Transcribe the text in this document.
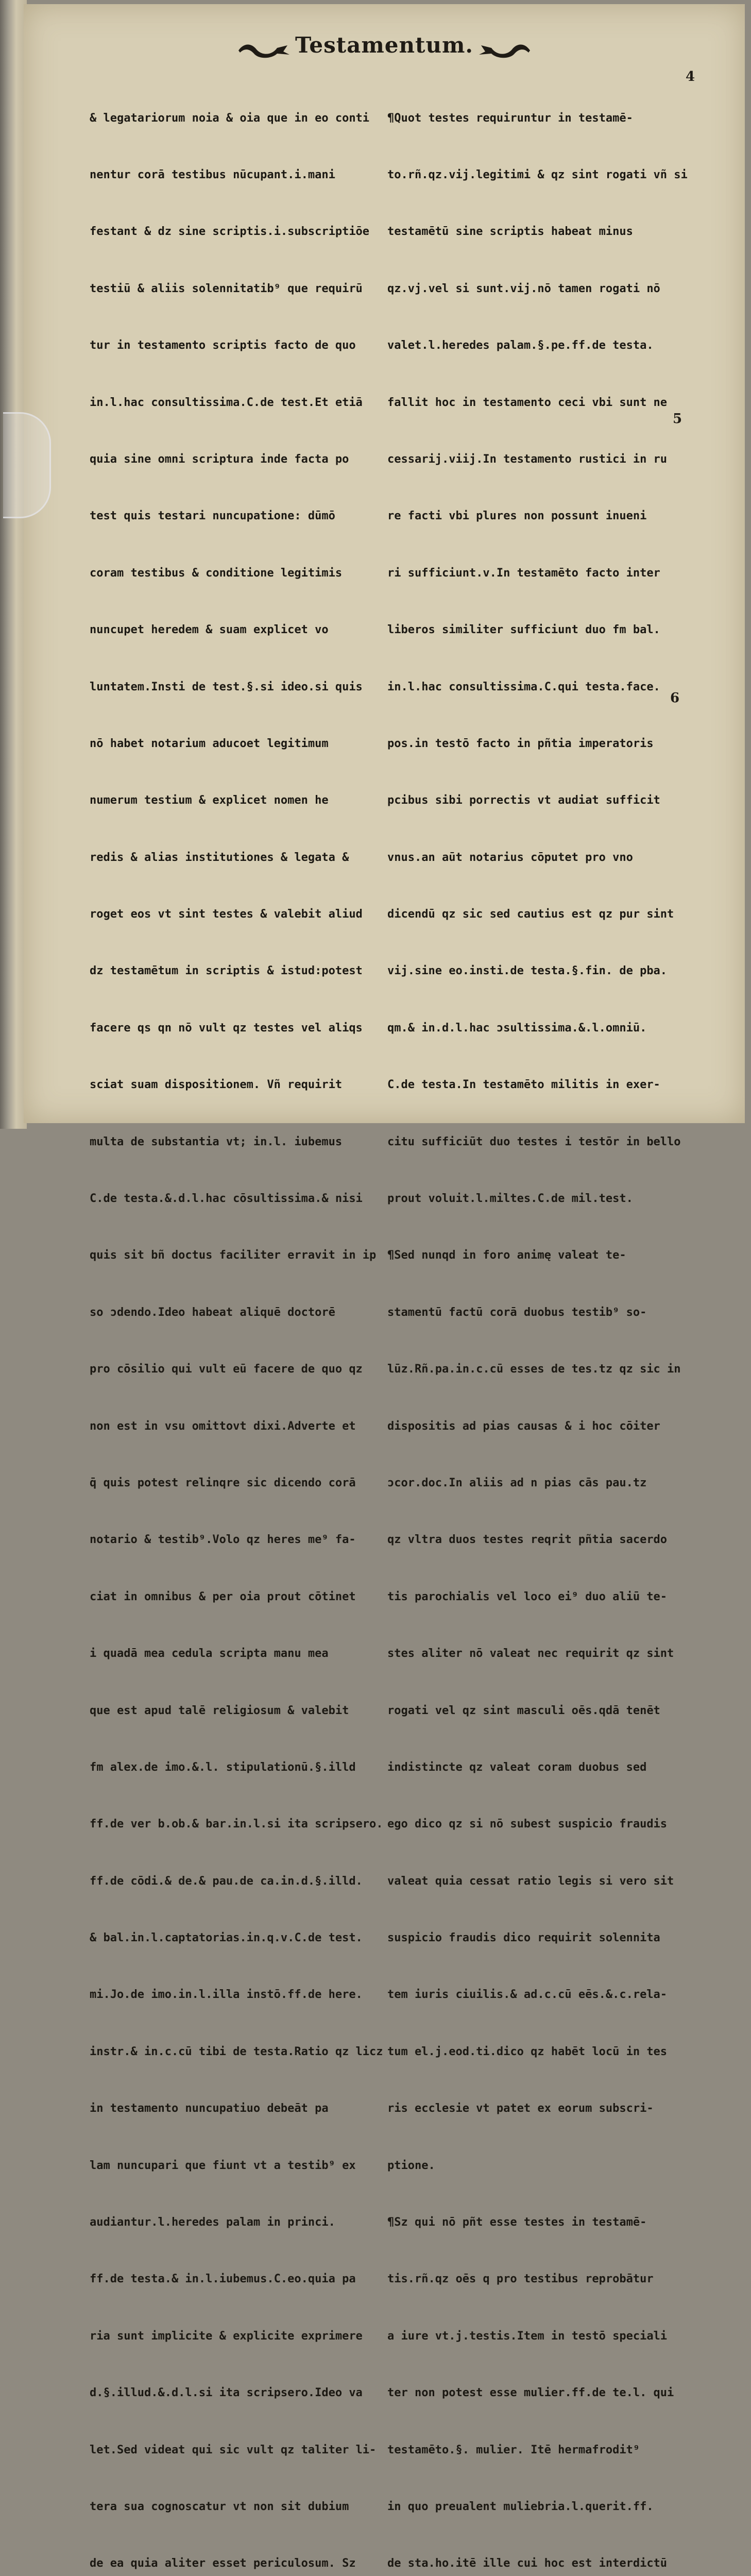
Testamentum.

& legatariorum noia & oia que in eo conti

nentur corā testibus nūcupant.i.mani

festant & dz sine scriptis.i.subscriptiōe

testiū & aliis solennitatib⁹ que requirū

tur in testamento scriptis facto de quo

in.l.hac consultissima.C.de test.Et etiā

quia sine omni scriptura inde facta po

test quis testari nuncupatione: dūmō

coram testibus & conditione legitimis

nuncupet heredem & suam explicet vo

luntatem.Insti de test.§.si ideo.si quis

nō habet notarium aducoet legitimum

numerum testium & explicet nomen he

redis & alias institutiones & legata &

roget eos vt sint testes & valebit aliud

dz testamētum in scriptis & istud:potest

facere qs qn nō vult qz testes vel aliqs

sciat suam dispositionem. Vñ requirit

multa de substantia vt; in.l. iubemus

C.de testa.&.d.l.hac cōsultissima.& nisi

quis sit bñ doctus faciliter erravit in ip

so ɔdendo.Ideo habeat aliquē doctorē

pro cōsilio qui vult eū facere de quo qz

non est in vsu omittovt dixi.Adverte et

q̄ quis potest relinqre sic dicendo corā

notario & testib⁹.Volo qz heres me⁹ fa-

ciat in omnibus & per oia prout cōtinet

i quadā mea cedula scripta manu mea

que est apud talē religiosum & valebit

fm alex.de imo.&.l. stipulationū.§.illd

ff.de ver b.ob.& bar.in.l.si ita scripsero.

ff.de cōdi.& de.& pau.de ca.in.d.§.illd.

& bal.in.l.captatorias.in.q.v.C.de test.

mi.Jo.de imo.in.l.illa instō.ff.de here.

instr.& in.c.cū tibi de testa.Ratio qz licz

in testamento nuncupatiuo debeāt pa

lam nuncupari que fiunt vt a testib⁹ ex

audiantur.l.heredes palam in princi.

ff.de testa.& in.l.iubemus.C.eo.quia pa

ria sunt implicite & explicite exprimere

d.§.illud.&.d.l.si ita scripsero.Ideo va

let.Sed videat qui sic vult qz taliter li-

tera sua cognoscatur vt non sit dubium

de ea quia aliter esset periculosum. Sz

¶Quot testes requiruntur in testamē-

to.rñ.qz.vij.legitimi & qz sint rogati vñ si

testamētū sine scriptis habeat minus

qz.vj.vel si sunt.vij.nō tamen rogati nō

valet.l.heredes palam.§.pe.ff.de testa.

fallit hoc in testamento ceci vbi sunt ne

cessarij.viij.In testamento rustici in ru

re facti vbi plures non possunt inueni

ri sufficiunt.v.In testamēto facto inter

liberos similiter sufficiunt duo fm bal.

in.l.hac consultissima.C.qui testa.face.

pos.in testō facto in pñtia imperatoris

pcibus sibi porrectis vt audiat sufficit

vnus.an aūt notarius cōputet pro vno

dicendū qz sic sed cautius est qz pur sint

vij.sine eo.insti.de testa.§.fin. de pba.

qm.& in.d.l.hac ɔsultissima.&.l.omniū.

C.de testa.In testamēto militis in exer-

citu sufficiūt duo testes i testōr in bello

prout voluit.l.miltes.C.de mil.test.

¶Sed nunqd in foro animę valeat te-

stamentū factū corā duobus testib⁹ so-

lūz.Rñ.pa.in.c.cū esses de tes.tz qz sic in

dispositis ad pias causas & i hoc cōiter

ɔcor.doc.In aliis ad n pias cās pau.tz

qz vltra duos testes reqrit pñtia sacerdo

tis parochialis vel loco ei⁹ duo aliū te-

stes aliter nō valeat nec requirit qz sint

rogati vel qz sint masculi oēs.qdā tenēt

indistincte qz valeat coram duobus sed

ego dico qz si nō subest suspicio fraudis

valeat quia cessat ratio legis si vero sit

suspicio fraudis dico requirit solennita

tem iuris ciuilis.& ad.c.cū eēs.&.c.rela-

tum el.j.eod.ti.dico qz habēt locū in tes

ris ecclesie vt patet ex eorum subscri-

ptione.

¶Sz qui nō pñt esse testes in testamē-

tis.rñ.qz oēs q pro testibus reprobātur

a iure vt.j.testis.Item in testō speciali

ter non potest esse mulier.ff.de te.l. qui

testamēto.§. mulier. Itē hermafrodit⁹

in quo preualent muliebria.l.querit.ff.

de sta.ho.itē ille cui hoc est interdictū

4
5
6
